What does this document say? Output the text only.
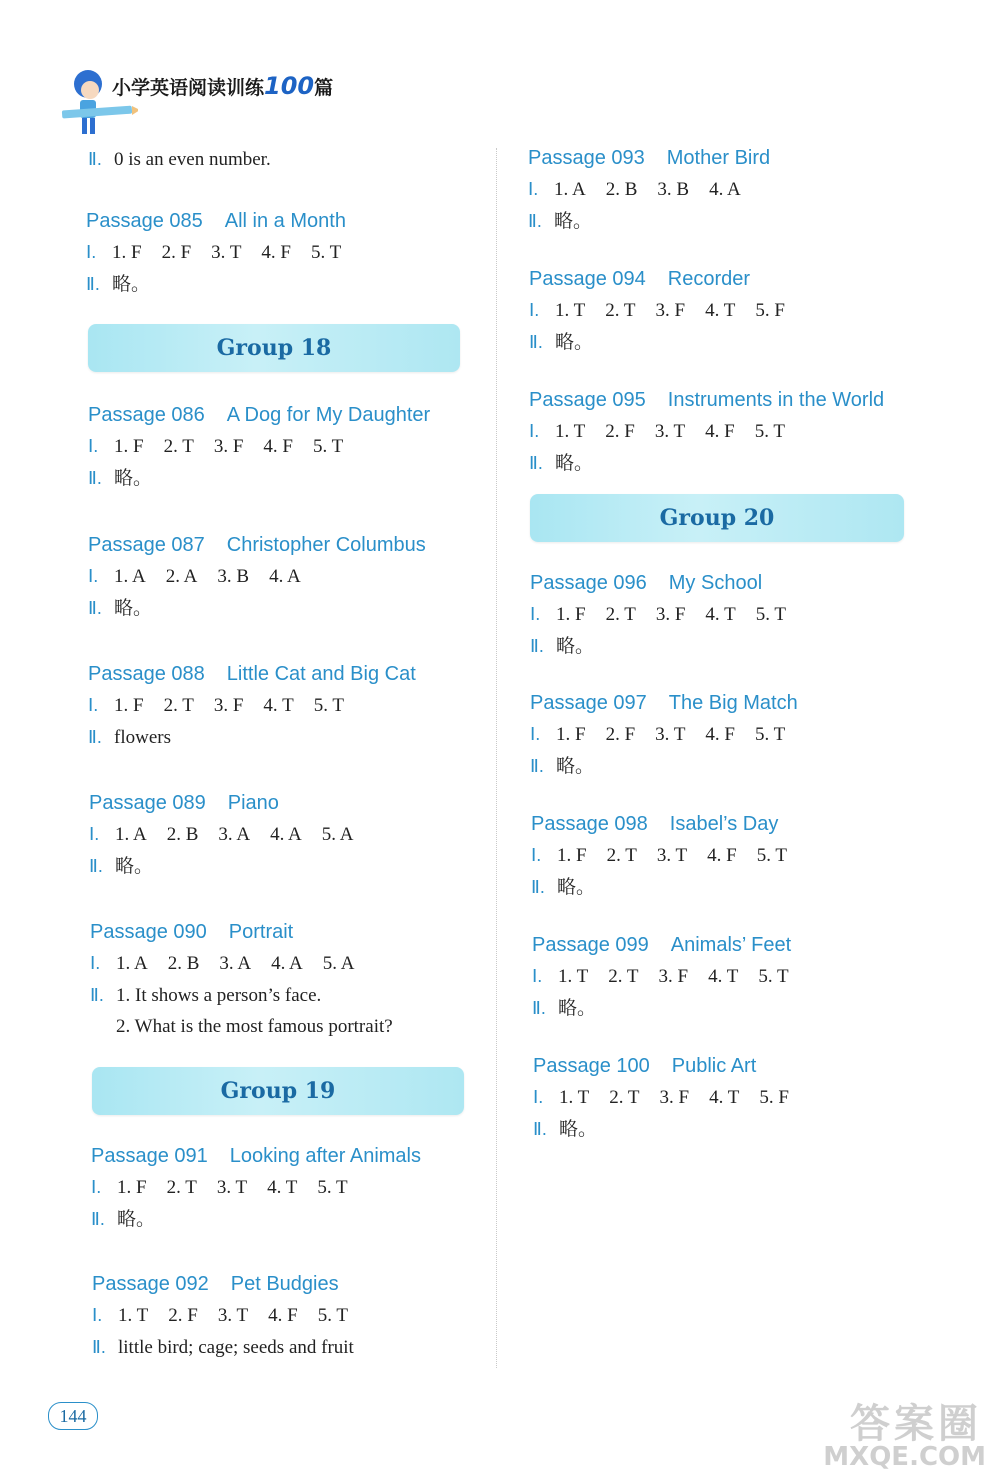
小学英语阅读训练100篇
Ⅱ. 0 is an even number.
Passage 085 All in a Month
Ⅰ. 1. F 2. F 3. T 4. F 5. T
Ⅱ. 略。
Group 18
Passage 086 A Dog for My Daughter
Ⅰ. 1. F 2. T 3. F 4. F 5. T
Ⅱ. 略。
Passage 087 Christopher Columbus
Ⅰ. 1. A 2. A 3. B 4. A
Ⅱ. 略。
Passage 088 Little Cat and Big Cat
Ⅰ. 1. F 2. T 3. F 4. T 5. T
Ⅱ. flowers
Passage 089 Piano
Ⅰ. 1. A 2. B 3. A 4. A 5. A
Ⅱ. 略。
Passage 090 Portrait
Ⅰ. 1. A 2. B 3. A 4. A 5. A
Ⅱ. 1. It shows a person’s face.
2. What is the most famous portrait?
Group 19
Passage 091 Looking after Animals
Ⅰ. 1. F 2. T 3. T 4. T 5. T
Ⅱ. 略。
Passage 092 Pet Budgies
Ⅰ. 1. T 2. F 3. T 4. F 5. T
Ⅱ. little bird; cage; seeds and fruit
Passage 093 Mother Bird
Ⅰ. 1. A 2. B 3. B 4. A
Ⅱ. 略。
Passage 094 Recorder
Ⅰ. 1. T 2. T 3. F 4. T 5. F
Ⅱ. 略。
Passage 095 Instruments in the World
Ⅰ. 1. T 2. F 3. T 4. F 5. T
Ⅱ. 略。
Group 20
Passage 096 My School
Ⅰ. 1. F 2. T 3. F 4. T 5. T
Ⅱ. 略。
Passage 097 The Big Match
Ⅰ. 1. F 2. F 3. T 4. F 5. T
Ⅱ. 略。
Passage 098 Isabel’s Day
Ⅰ. 1. F 2. T 3. T 4. F 5. T
Ⅱ. 略。
Passage 099 Animals’ Feet
Ⅰ. 1. T 2. T 3. F 4. T 5. T
Ⅱ. 略。
Passage 100 Public Art
Ⅰ. 1. T 2. T 3. F 4. T 5. F
Ⅱ. 略。
144	答案圈
MXQE.COM
